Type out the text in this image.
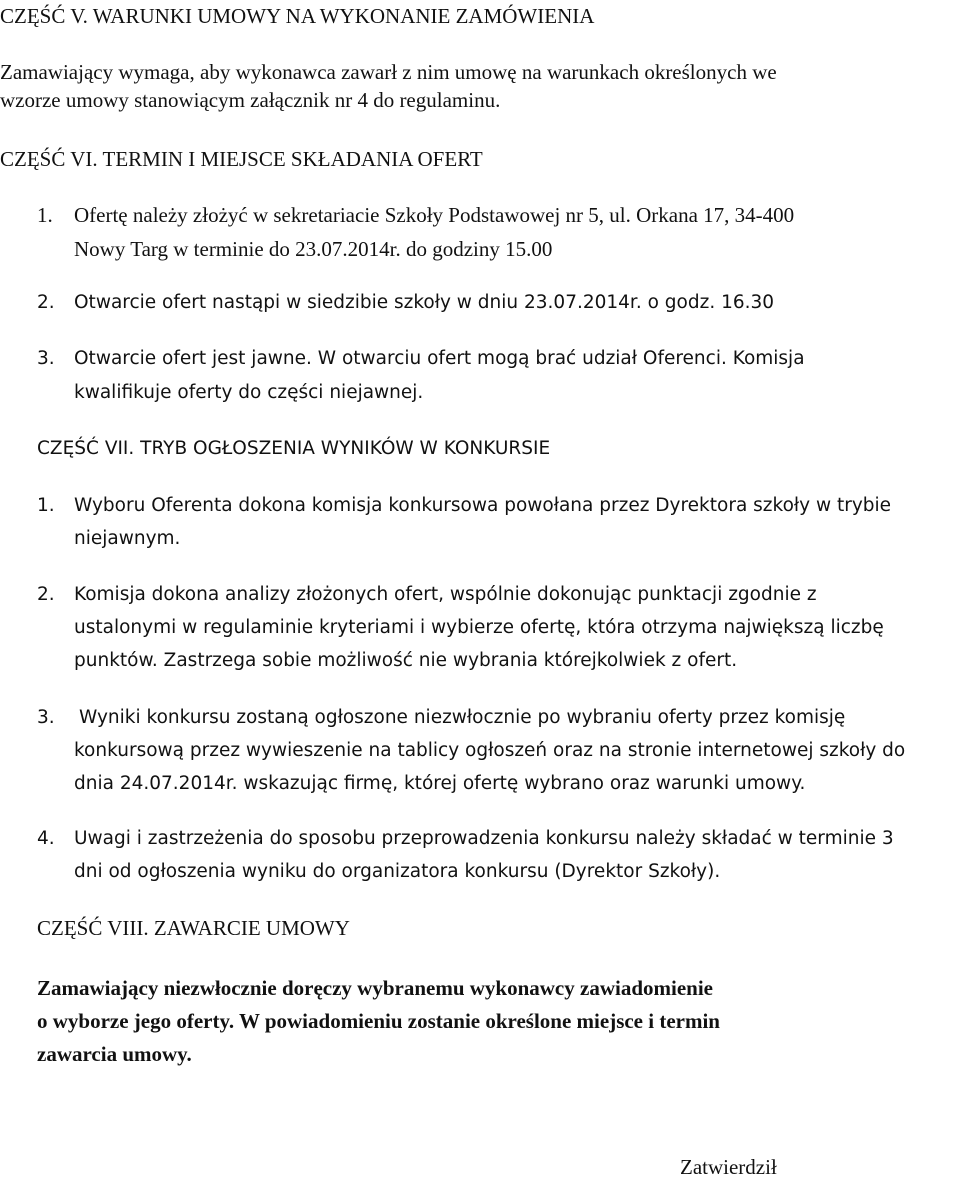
CZĘŚĆ V. WARUNKI UMOWY NA WYKONANIE ZAMÓWIENIA
Zamawiający wymaga, aby wykonawca zawarł z nim umowę na warunkach określonych we
wzorze umowy stanowiącym załącznik nr 4 do regulaminu.
CZĘŚĆ VI. TERMIN I MIEJSCE SKŁADANIA OFERT
1. Ofertę należy złożyć w sekretariacie Szkoły Podstawowej nr 5, ul. Orkana 17, 34-400
Nowy Targ w terminie do 23.07.2014r. do godziny 15.00
2. Otwarcie ofert nastąpi w siedzibie szkoły w dniu 23.07.2014r. o godz. 16.30
3. Otwarcie ofert jest jawne. W otwarciu ofert mogą brać udział Oferenci. Komisja
kwalifikuje oferty do części niejawnej.
CZĘŚĆ VII. TRYB OGŁOSZENIA WYNIKÓW W KONKURSIE
1. Wyboru Oferenta dokona komisja konkursowa powołana przez Dyrektora szkoły w trybie
niejawnym.
2. Komisja dokona analizy złożonych ofert, wspólnie dokonując punktacji zgodnie z
ustalonymi w regulaminie kryteriami i wybierze ofertę, która otrzyma największą liczbę
punktów. Zastrzega sobie możliwość nie wybrania którejkolwiek z ofert.
3. Wyniki konkursu zostaną ogłoszone niezwłocznie po wybraniu oferty przez komisję
konkursową przez wywieszenie na tablicy ogłoszeń oraz na stronie internetowej szkoły do
dnia 24.07.2014r. wskazując firmę, której ofertę wybrano oraz warunki umowy.
4. Uwagi i zastrzeżenia do sposobu przeprowadzenia konkursu należy składać w terminie 3
dni od ogłoszenia wyniku do organizatora konkursu (Dyrektor Szkoły).
CZĘŚĆ VIII. ZAWARCIE UMOWY
Zamawiający niezwłocznie doręczy wybranemu wykonawcy zawiadomienie
o wyborze jego oferty. W powiadomieniu zostanie określone miejsce i termin
zawarcia umowy.
Zatwierdził
